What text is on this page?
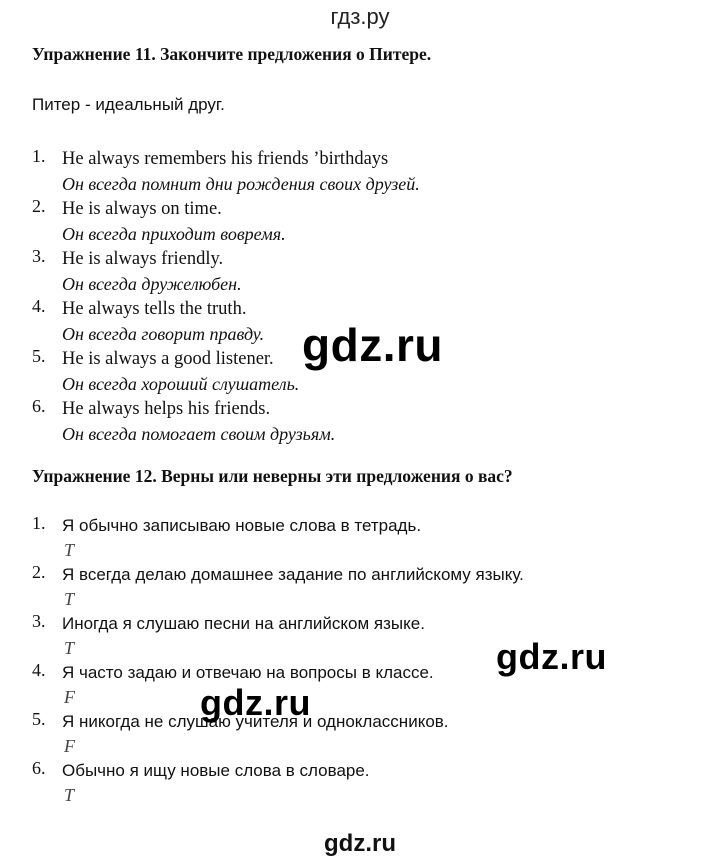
гдз.ру
Упражнение 11. Закончите предложения о Питере.
Питер - идеальный друг.
1. He always remembers his friends ’birthdays
Он всегда помнит дни рождения своих друзей.
2. He is always on time.
Он всегда приходит вовремя.
3. He is always friendly.
Он всегда дружелюбен.
4. He always tells the truth.
Он всегда говорит правду.
5. He is always a good listener.
Он всегда хороший слушатель.
6. He always helps his friends.
Он всегда помогает своим друзьям.
Упражнение 12. Верны или неверны эти предложения о вас?
1. Я обычно записываю новые слова в тетрадь.
T
2. Я всегда делаю домашнее задание по английскому языку.
T
3. Иногда я слушаю песни на английском языке.
T
4. Я часто задаю и отвечаю на вопросы в классе.
F
5. Я никогда не слушаю учителя и одноклассников.
F
6. Обычно я ищу новые слова в словаре.
T
gdz.ru
gdz.ru
gdz.ru
gdz.ru
